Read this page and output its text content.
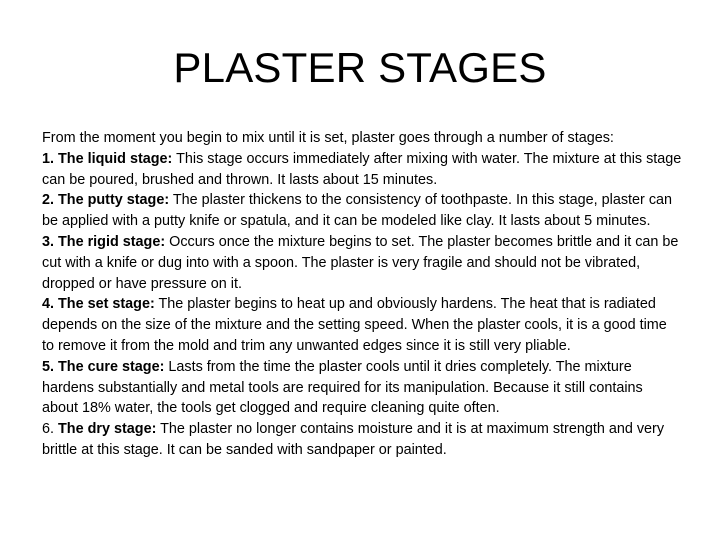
PLASTER STAGES

From the moment you begin to mix until it is set, plaster goes through a number of stages:

1. The liquid stage: This stage occurs immediately after mixing with water. The mixture at this stage can be poured, brushed and thrown. It lasts about 15 minutes.

2. The putty stage: The plaster thickens to the consistency of toothpaste. In this stage, plaster can be applied with a putty knife or spatula, and it can be modeled like clay. It lasts about 5 minutes.

3. The rigid stage: Occurs once the mixture begins to set. The plaster becomes brittle and it can be cut with a knife or dug into with a spoon. The plaster is very fragile and should not be vibrated, dropped or have pressure on it.

4. The set stage: The plaster begins to heat up and obviously hardens. The heat that is radiated depends on the size of the mixture and the setting speed. When the plaster cools, it is a good time to remove it from the mold and trim any unwanted edges since it is still very pliable.

5. The cure stage: Lasts from the time the plaster cools until it dries completely. The mixture hardens substantially and metal tools are required for its manipulation. Because it still contains about 18% water, the tools get clogged and require cleaning quite often.

6. The dry stage: The plaster no longer contains moisture and it is at maximum strength and very brittle at this stage. It can be sanded with sandpaper or painted.
